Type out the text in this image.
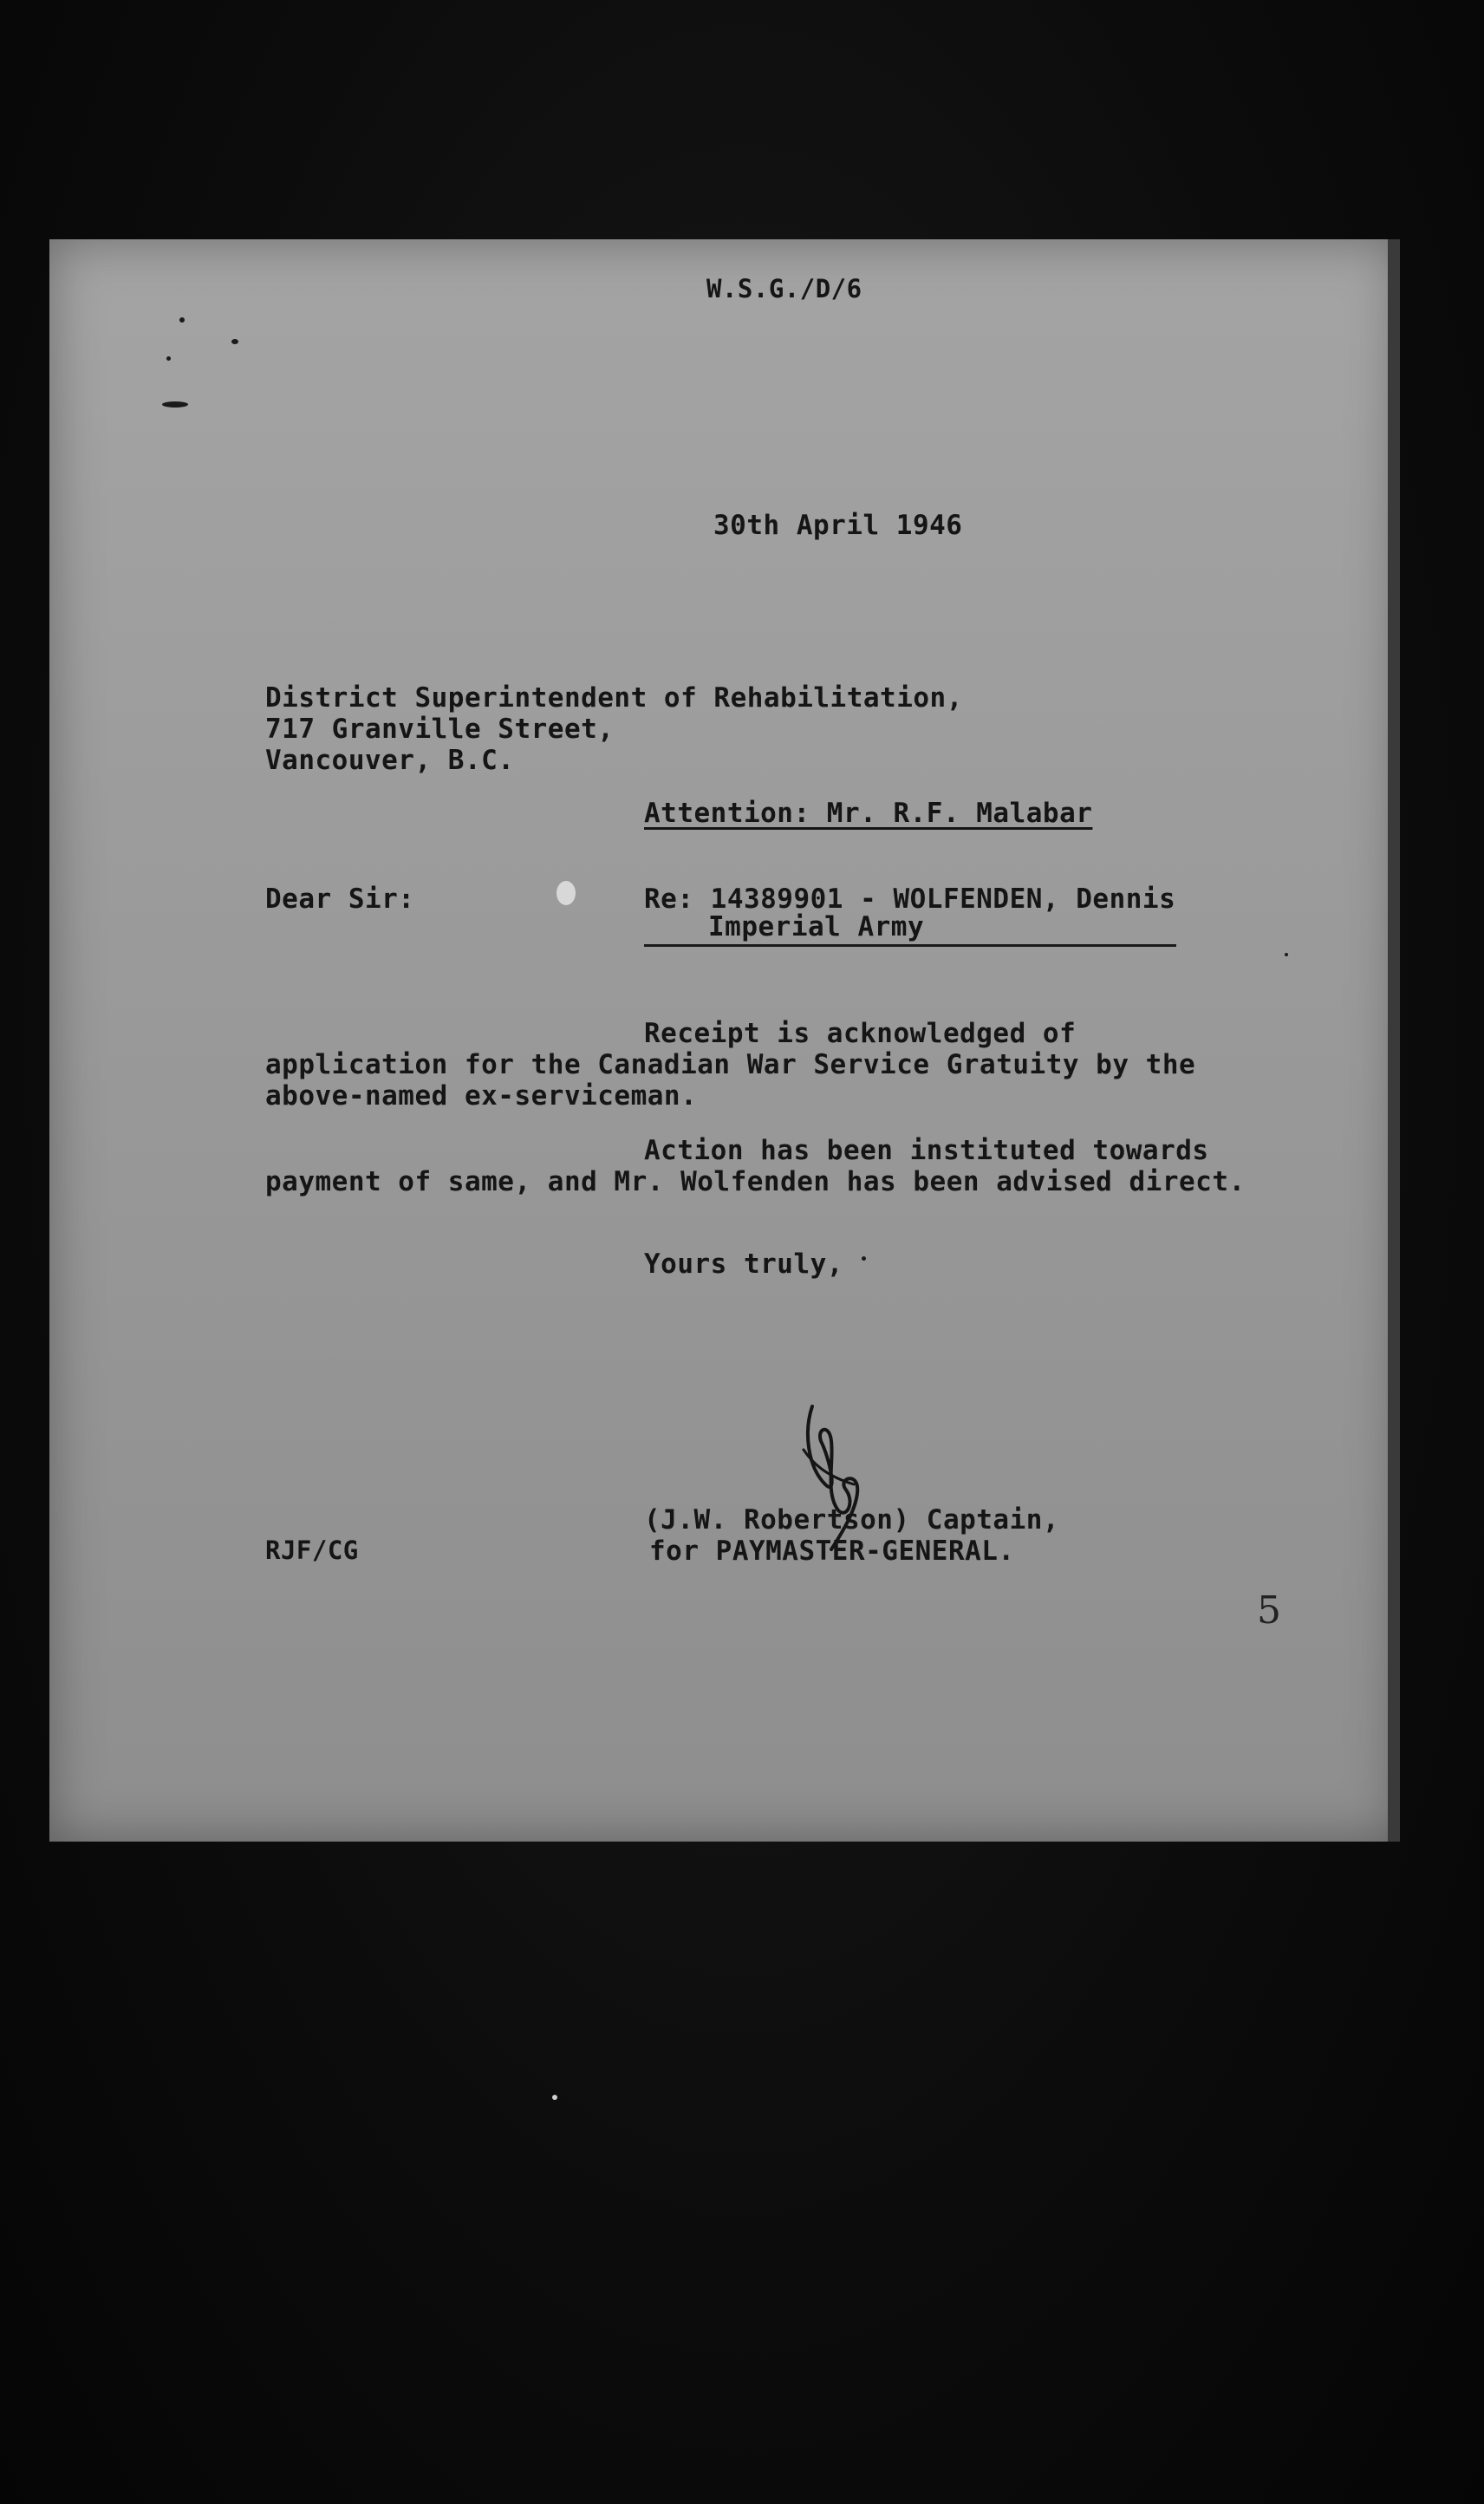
W.S.G./D/6
30th April 1946
District Superintendent of Rehabilitation,
717 Granville Street,
Vancouver, B.C.
Attention: Mr. R.F. Malabar
Dear Sir:	Re: 14389901 - WOLFENDEN, Dennis
Imperial Army
Receipt is acknowledged of
application for the Canadian War Service Gratuity by the
above-named ex-serviceman.
Action has been instituted towards
payment of same, and Mr. Wolfenden has been advised direct.
Yours truly,
(J.W. Robertson) Captain,
for PAYMASTER-GENERAL.
RJF/CG
5
